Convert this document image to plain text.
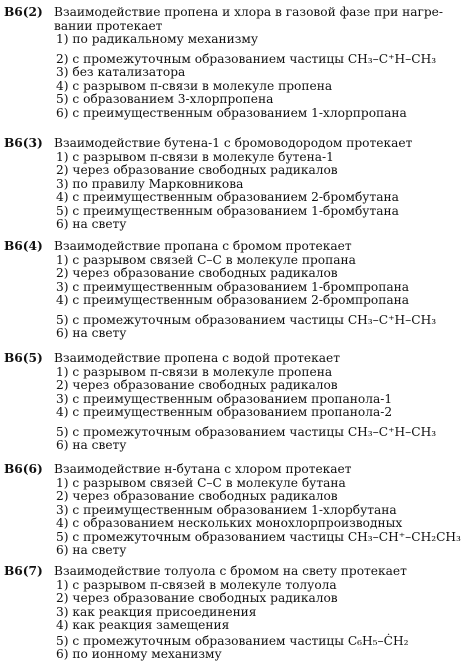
В6(2) Взаимодействие пропена и хлора в газовой фазе при нагре-
вании протекает
1) по радикальному механизму
2) с промежуточным образованием частицы CH₃–C⁺H–CH₃
3) без катализатора
4) с разрывом π-связи в молекуле пропена
5) с образованием 3-хлорпропена
6) с преимущественным образованием 1-хлорпропана
В6(3) Взаимодействие бутена-1 с бромоводородом протекает
1) с разрывом π-связи в молекуле бутена-1
2) через образование свободных радикалов
3) по правилу Марковникова
4) с преимущественным образованием 2-бромбутана
5) с преимущественным образованием 1-бромбутана
6) на свету
В6(4) Взаимодействие пропана с бромом протекает
1) с разрывом связей C–C в молекуле пропана
2) через образование свободных радикалов
3) с преимущественным образованием 1-бромпропана
4) с преимущественным образованием 2-бромпропана
5) с промежуточным образованием частицы CH₃–C⁺H–CH₃
6) на свету
В6(5) Взаимодействие пропена с водой протекает
1) с разрывом π-связи в молекуле пропена
2) через образование свободных радикалов
3) с преимущественным образованием пропанола-1
4) с преимущественным образованием пропанола-2
5) с промежуточным образованием частицы CH₃–C⁺H–CH₃
6) на свету
В6(6) Взаимодействие н-бутана с хлором протекает
1) с разрывом связей C–C в молекуле бутана
2) через образование свободных радикалов
3) с преимущественным образованием 1-хлорбутана
4) с образованием нескольких монохлорпроизводных
5) с промежуточным образованием частицы CH₃–CH⁺–CH₂CH₃
6) на свету
В6(7) Взаимодействие толуола с бромом на свету протекает
1) с разрывом π-связей в молекуле толуола
2) через образование свободных радикалов
3) как реакция присоединения
4) как реакция замещения
5) с промежуточным образованием частицы C₆H₅–ĊH₂
6) по ионному механизму
